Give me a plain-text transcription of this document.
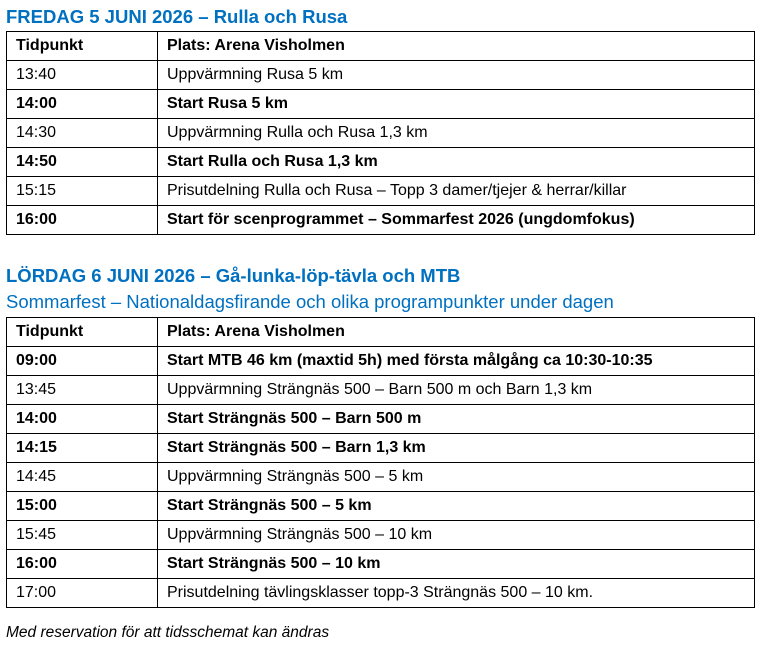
FREDAG 5 JUNI 2026 – Rulla och Rusa
Tidpunkt	Plats: Arena Visholmen
13:40	Uppvärmning Rusa 5 km
14:00	Start Rusa 5 km
14:30	Uppvärmning Rulla och Rusa 1,3 km
14:50	Start Rulla och Rusa 1,3 km
15:15	Prisutdelning Rulla och Rusa – Topp 3 damer/tjejer & herrar/killar
16:00	Start för scenprogrammet – Sommarfest 2026 (ungdomfokus)
LÖRDAG 6 JUNI 2026 – Gå-lunka-löp-tävla och MTB
Sommarfest – Nationaldagsfirande och olika programpunkter under dagen
Tidpunkt	Plats: Arena Visholmen
09:00	Start MTB 46 km (maxtid 5h) med första målgång ca 10:30-10:35
13:45	Uppvärmning Strängnäs 500 – Barn 500 m och Barn 1,3 km
14:00	Start Strängnäs 500 – Barn 500 m
14:15	Start Strängnäs 500 – Barn 1,3 km
14:45	Uppvärmning Strängnäs 500 – 5 km
15:00	Start Strängnäs 500 – 5 km
15:45	Uppvärmning Strängnäs 500 – 10 km
16:00	Start Strängnäs 500 – 10 km
17:00	Prisutdelning tävlingsklasser topp-3 Strängnäs 500 – 10 km.
Med reservation för att tidsschemat kan ändras
